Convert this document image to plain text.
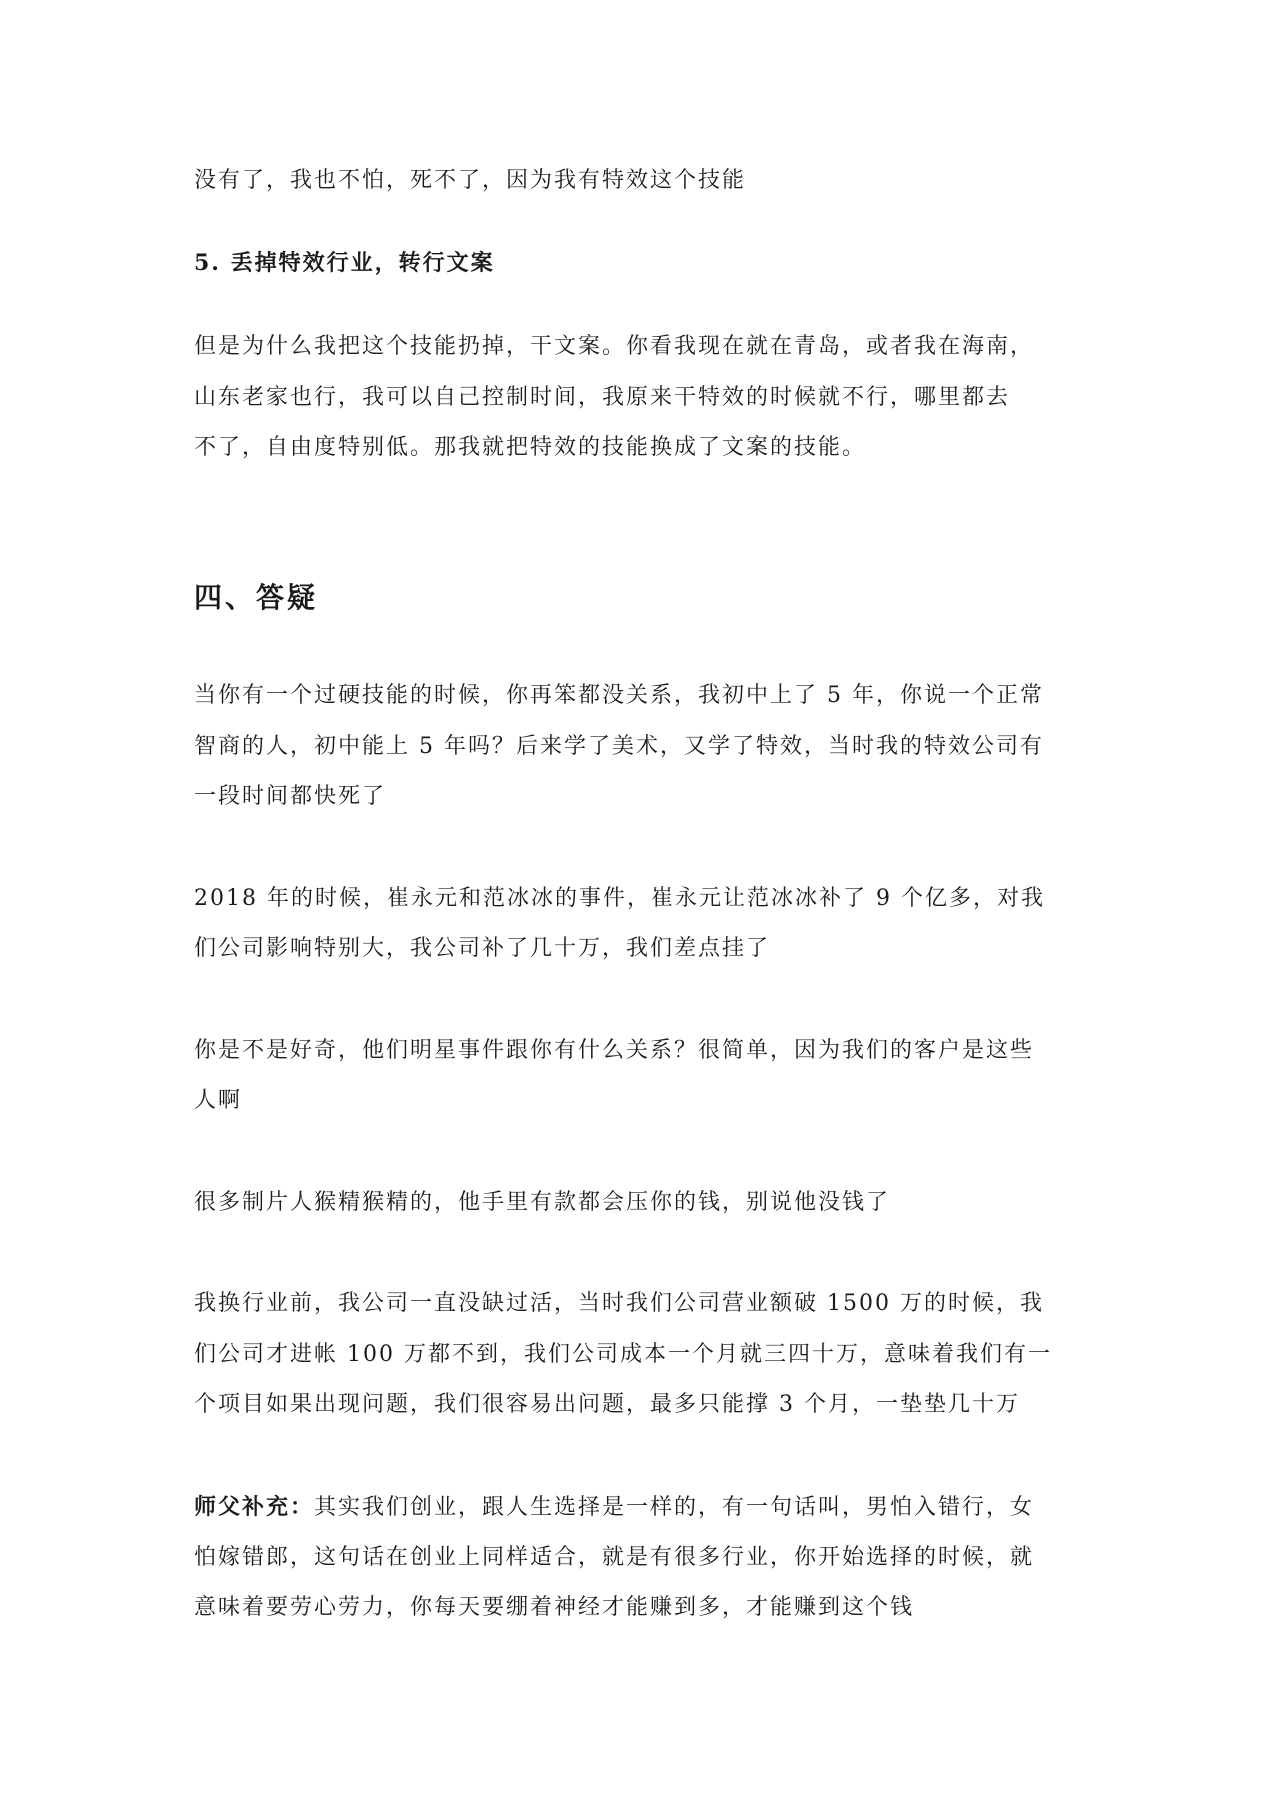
没有了，我也不怕，死不了，因为我有特效这个技能
5. 丢掉特效行业，转行文案
但是为什么我把这个技能扔掉，干文案。你看我现在就在青岛，或者我在海南，
山东老家也行，我可以自己控制时间，我原来干特效的时候就不行，哪里都去
不了，自由度特别低。那我就把特效的技能换成了文案的技能。
四、答疑
当你有一个过硬技能的时候，你再笨都没关系，我初中上了 5 年，你说一个正常
智商的人，初中能上 5 年吗？后来学了美术，又学了特效，当时我的特效公司有
一段时间都快死了
2018 年的时候，崔永元和范冰冰的事件，崔永元让范冰冰补了 9 个亿多，对我
们公司影响特别大，我公司补了几十万，我们差点挂了
你是不是好奇，他们明星事件跟你有什么关系？很简单，因为我们的客户是这些
人啊
很多制片人猴精猴精的，他手里有款都会压你的钱，别说他没钱了
我换行业前，我公司一直没缺过活，当时我们公司营业额破 1500 万的时候，我
们公司才进帐 100 万都不到，我们公司成本一个月就三四十万，意味着我们有一
个项目如果出现问题，我们很容易出问题，最多只能撑 3 个月，一垫垫几十万
师父补充：其实我们创业，跟人生选择是一样的，有一句话叫，男怕入错行，女
怕嫁错郎，这句话在创业上同样适合，就是有很多行业，你开始选择的时候，就
意味着要劳心劳力，你每天要绷着神经才能赚到多，才能赚到这个钱
